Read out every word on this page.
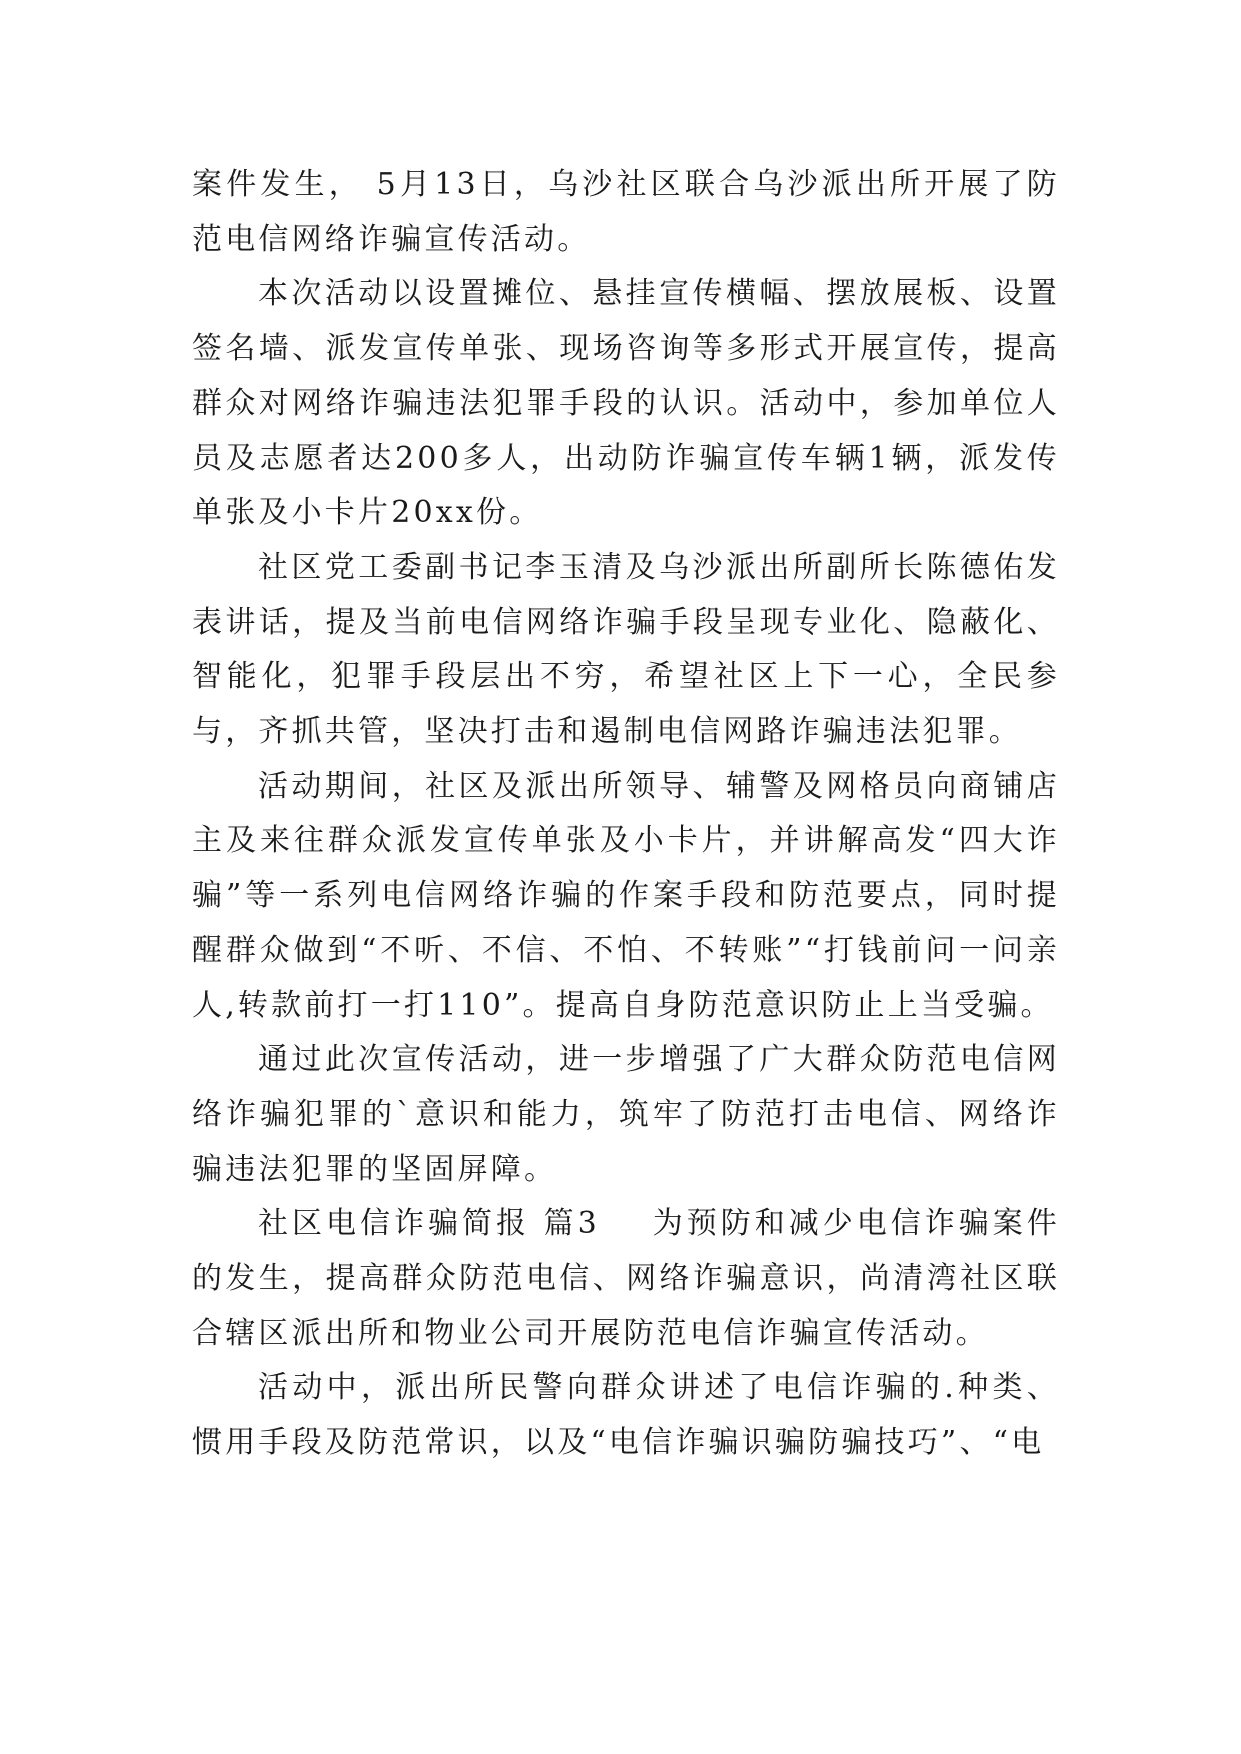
案件发生， 5月13日，乌沙社区联合乌沙派出所开展了防范电信网络诈骗宣传活动。

本次活动以设置摊位、悬挂宣传横幅、摆放展板、设置签名墙、派发宣传单张、现场咨询等多形式开展宣传，提高群众对网络诈骗违法犯罪手段的认识。活动中，参加单位人员及志愿者达200多人，出动防诈骗宣传车辆1辆，派发传单张及小卡片20xx份。

社区党工委副书记李玉清及乌沙派出所副所长陈德佑发表讲话，提及当前电信网络诈骗手段呈现专业化、隐蔽化、智能化，犯罪手段层出不穷，希望社区上下一心，全民参与，齐抓共管，坚决打击和遏制电信网路诈骗违法犯罪。

活动期间，社区及派出所领导、辅警及网格员向商铺店主及来往群众派发宣传单张及小卡片，并讲解高发“四大诈骗”等一系列电信网络诈骗的作案手段和防范要点，同时提醒群众做到“不听、不信、不怕、不转账”“打钱前问一问亲人,转款前打一打110”。提高自身防范意识防止上当受骗。

通过此次宣传活动，进一步增强了广大群众防范电信网络诈骗犯罪的`意识和能力，筑牢了防范打击电信、网络诈骗违法犯罪的坚固屏障。

社区电信诈骗简报 篇3 为预防和减少电信诈骗案件的发生，提高群众防范电信、网络诈骗意识，尚清湾社区联合辖区派出所和物业公司开展防范电信诈骗宣传活动。

活动中，派出所民警向群众讲述了电信诈骗的.种类、惯用手段及防范常识，以及“电信诈骗识骗防骗技巧”、“电
